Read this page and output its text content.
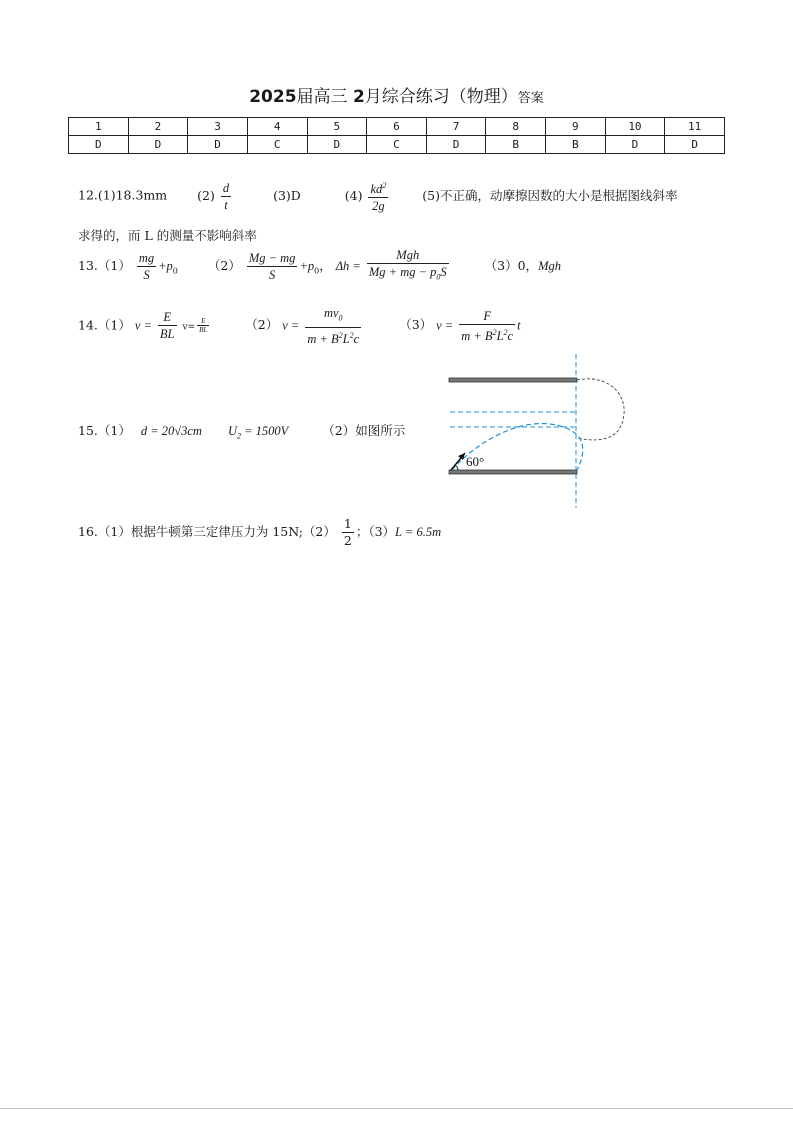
2025届高三 2月综合练习（物理）答案
1	2	3	4	5	6	7	8	9	10	11
D	D	D	C	D	C	D	B	B	D	D
12.(1)18.3mm $(2) \frac{d}{t}$	(3)D	$(4) \frac{kd^2}{2g}$	(5)不正确，动摩擦因数的大小是根据图线斜率
求得的，而 L 的测量不影响斜率
$13.(1) \frac{mg}{S} +p_0$ $(2) \frac{Mg - mg}{S} +p_0$， $\Delta h = \frac{\text{Mgh}}{Mg + mg - p_0S}$	（3）0，Mgh
14.（1） $v = \frac{E}{BL} v= \frac{E}{BL}$	（2） $v = \frac{mv_0}{m + B^2L^2c}$	（3） $v = \frac{F}{m + B^2L^2c}$ t
15.（1） d = 20√3cm $U_2 = 1500V$	（2）如图所示
60°
16.（1）根据牛顿第三定律压力为 15N;（2） $\frac{1}{2}$ ；（3）L = 6.5m
